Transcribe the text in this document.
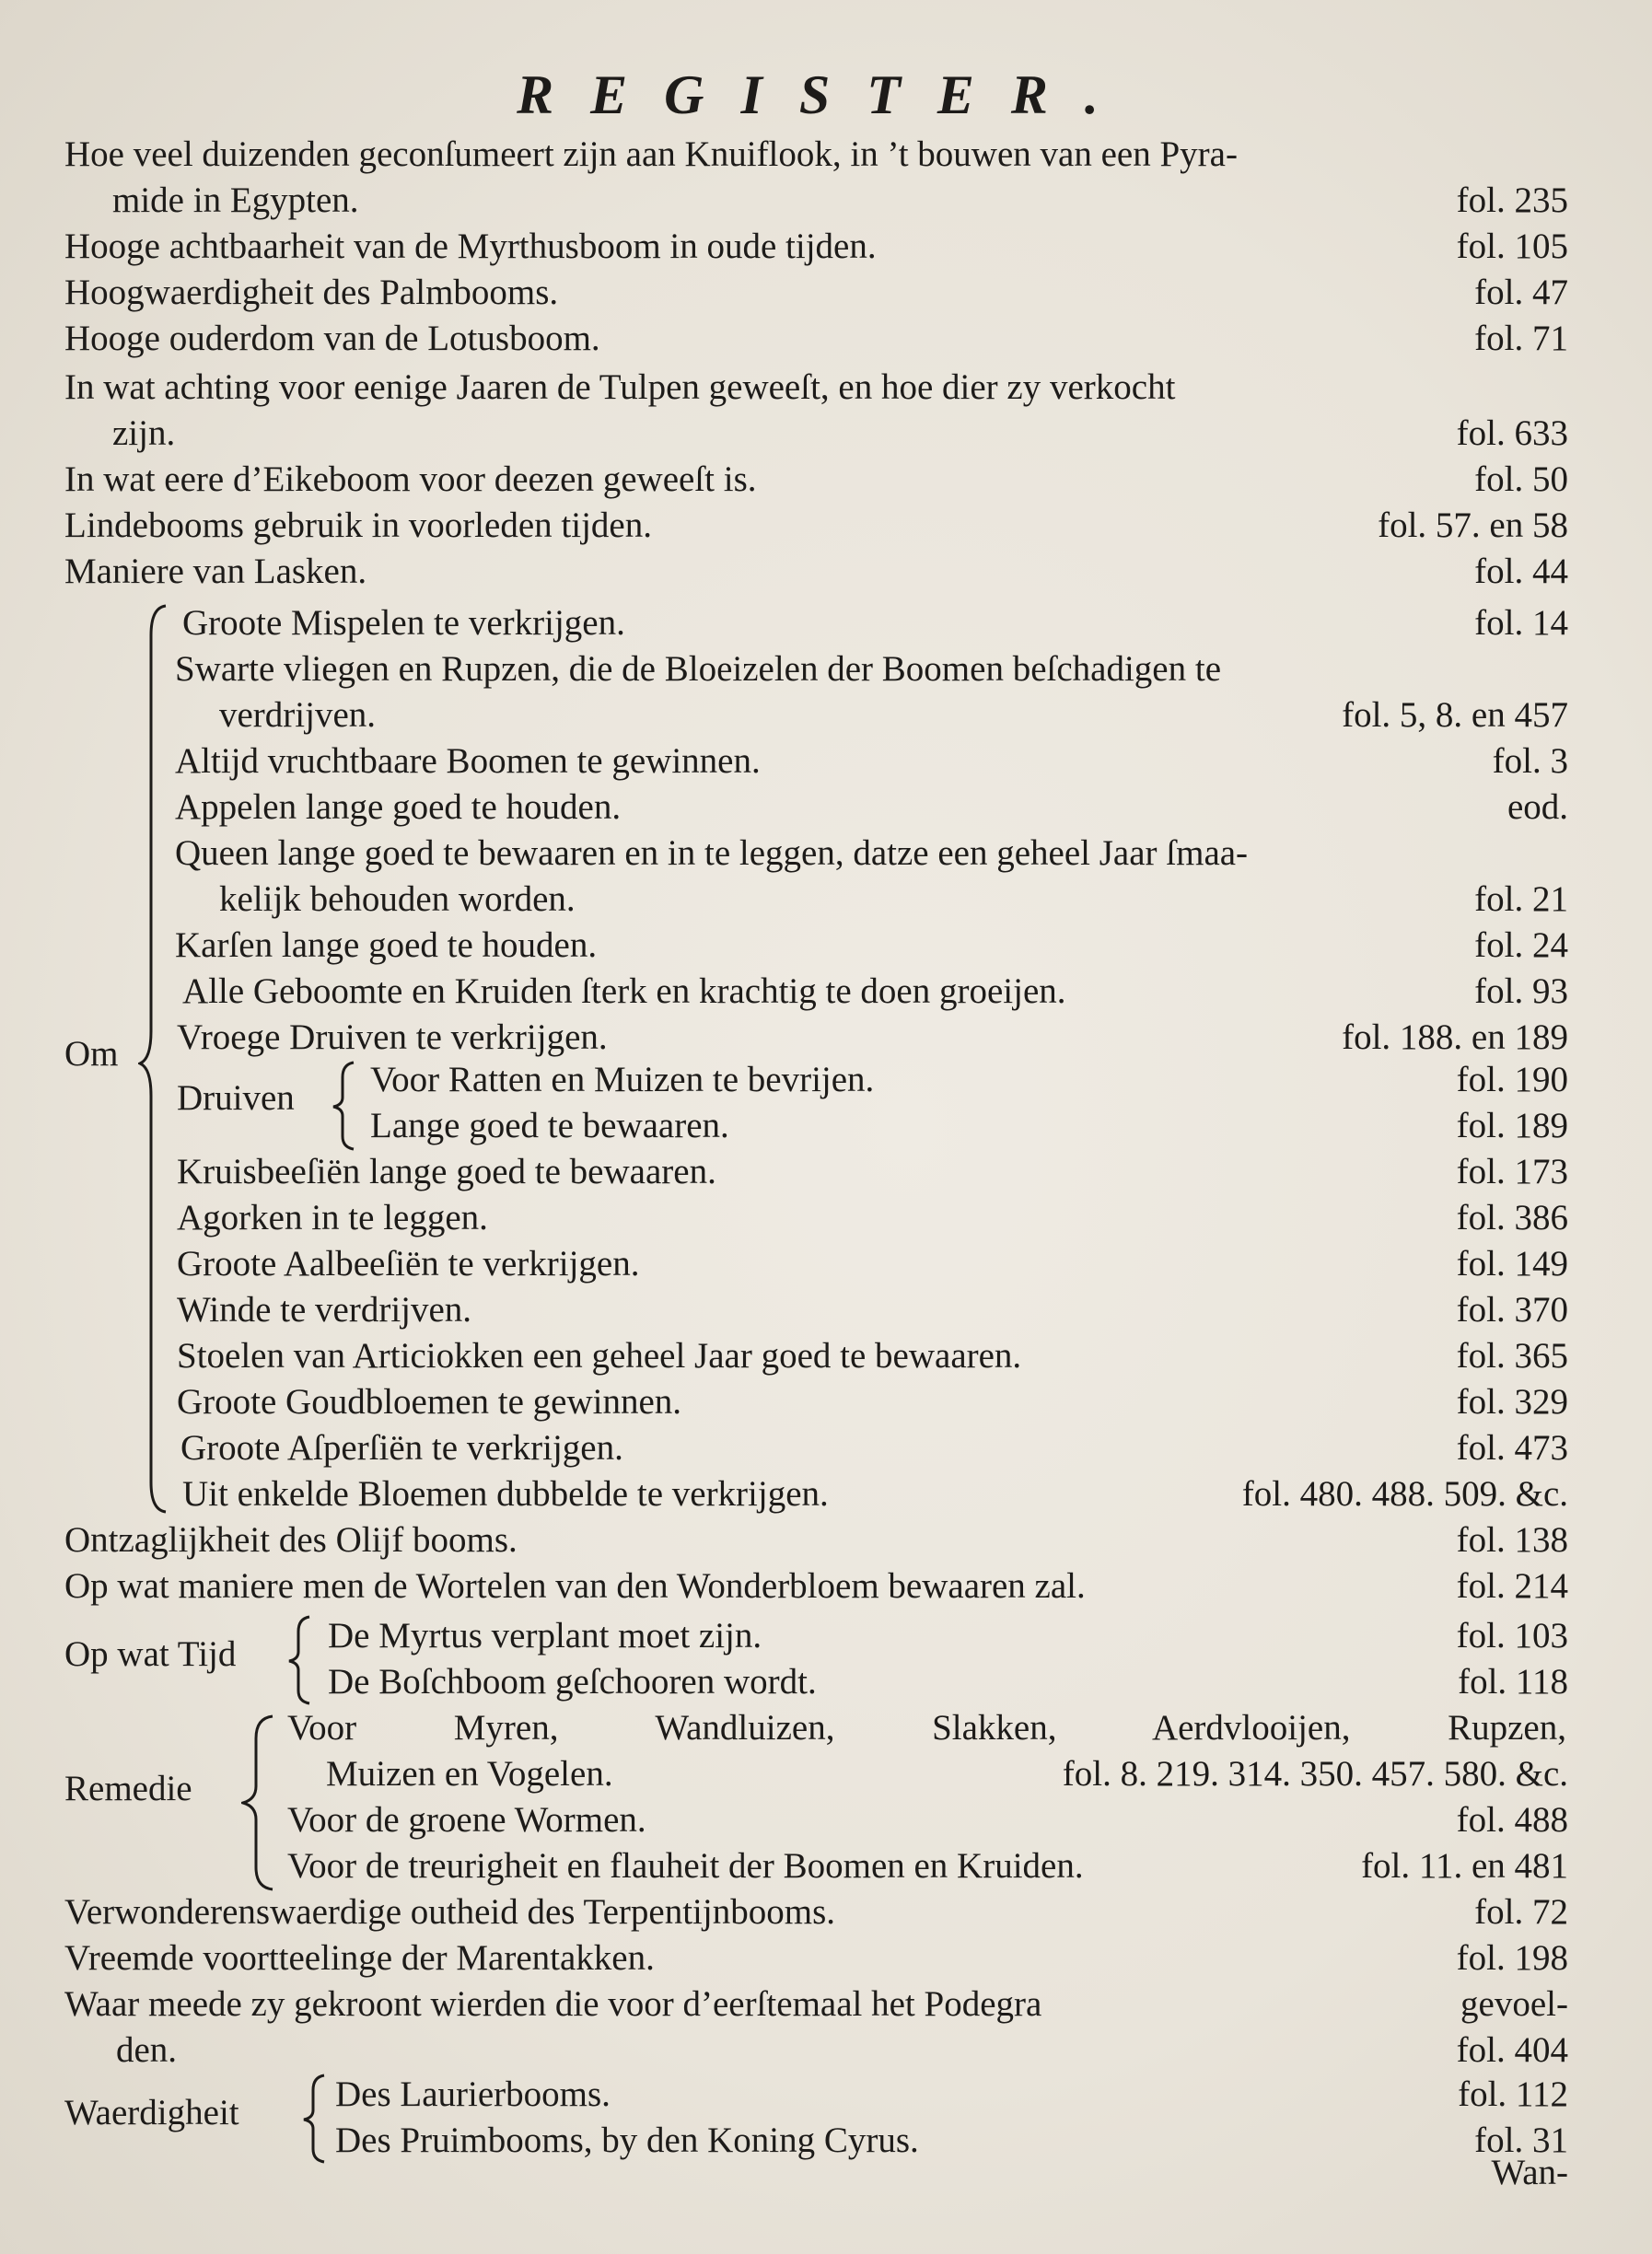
REGISTER.
Hoe veel duizenden geconſumeert zijn aan Knuiflook, in ’t bouwen van een Pyra-
mide in Egypten.	fol. 235
Hooge achtbaarheit van de Myrthusboom in oude tijden.	fol. 105
Hoogwaerdigheit des Palmbooms.	fol. 47
Hooge ouderdom van de Lotusboom.	fol. 71
In wat achting voor eenige Jaaren de Tulpen geweeſt, en hoe dier zy verkocht
zijn.	fol. 633
In wat eere d’Eikeboom voor deezen geweeſt is.	fol. 50
Lindebooms gebruik in voorleden tijden.	fol. 57. en 58
Maniere van Lasken.	fol. 44
Om
Groote Mispelen te verkrijgen.	fol. 14
Swarte vliegen en Rupzen, die de Bloeizelen der Boomen beſchadigen te
verdrijven.	fol. 5, 8. en 457
Altijd vruchtbaare Boomen te gewinnen.	fol. 3
Appelen lange goed te houden.	eod.
Queen lange goed te bewaaren en in te leggen, datze een geheel Jaar ſmaa-
kelijk behouden worden.	fol. 21
Karſen lange goed te houden.	fol. 24
Alle Geboomte en Kruiden ſterk en krachtig te doen groeijen.	fol. 93
Vroege Druiven te verkrijgen.	fol. 188. en 189
Druiven Voor Ratten en Muizen te bevrijen.	fol. 190
Lange goed te bewaaren.	fol. 189
Kruisbeeſiën lange goed te bewaaren.	fol. 173
Agorken in te leggen.	fol. 386
Groote Aalbeeſiën te verkrijgen.	fol. 149
Winde te verdrijven.	fol. 370
Stoelen van Articiokken een geheel Jaar goed te bewaaren.	fol. 365
Groote Goudbloemen te gewinnen.	fol. 329
Groote Aſperſiën te verkrijgen.	fol. 473
Uit enkelde Bloemen dubbelde te verkrijgen.	fol. 480. 488. 509. &c.
Ontzaglijkheit des Olijf booms.	fol. 138
Op wat maniere men de Wortelen van den Wonderbloem bewaaren zal.	fol. 214
Op wat Tijd	De Myrtus verplant moet zijn.	fol. 103
De Boſchboom geſchooren wordt.	fol. 118
Remedie
Voor Myren, Wandluizen, Slakken, Aerdvlooijen, Rupzen,
Muizen en Vogelen.	fol. 8. 219. 314. 350. 457. 580. &c.
Voor de groene Wormen.	fol. 488
Voor de treurigheit en flauheit der Boomen en Kruiden.	fol. 11. en 481
Verwonderenswaerdige outheid des Terpentijnbooms.	fol. 72
Vreemde voortteelinge der Marentakken.	fol. 198
Waar meede zy gekroont wierden die voor d’eerſtemaal het Podegra	gevoel-
den.	fol. 404
Waerdigheit	Des Laurierbooms.	fol. 112
Des Pruimbooms, by den Koning Cyrus.	fol. 31
Wan-
